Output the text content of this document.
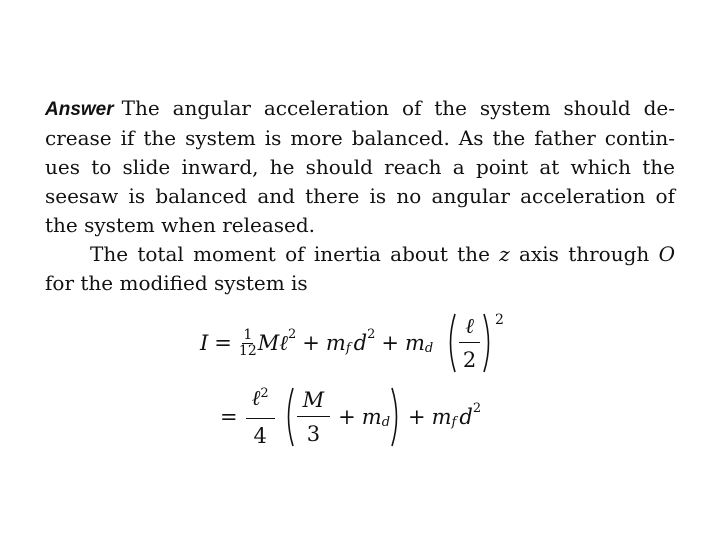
Answer The angular acceleration of the system should decrease if the system is more balanced. As the father continues to slide inward, he should reach a point at which the seesaw is balanced and there is no angular acceleration of the system when released.

The total moment of inertia about the z axis through O for the modified system is

$I = \frac{1}{12}$ M ℓ 2 + m f d 2 + m d $\frac{\text{ℓ}}{2} 2$
= $\frac{\ell^2}{4} \frac{M}{3} + m$ d + m f d 2
